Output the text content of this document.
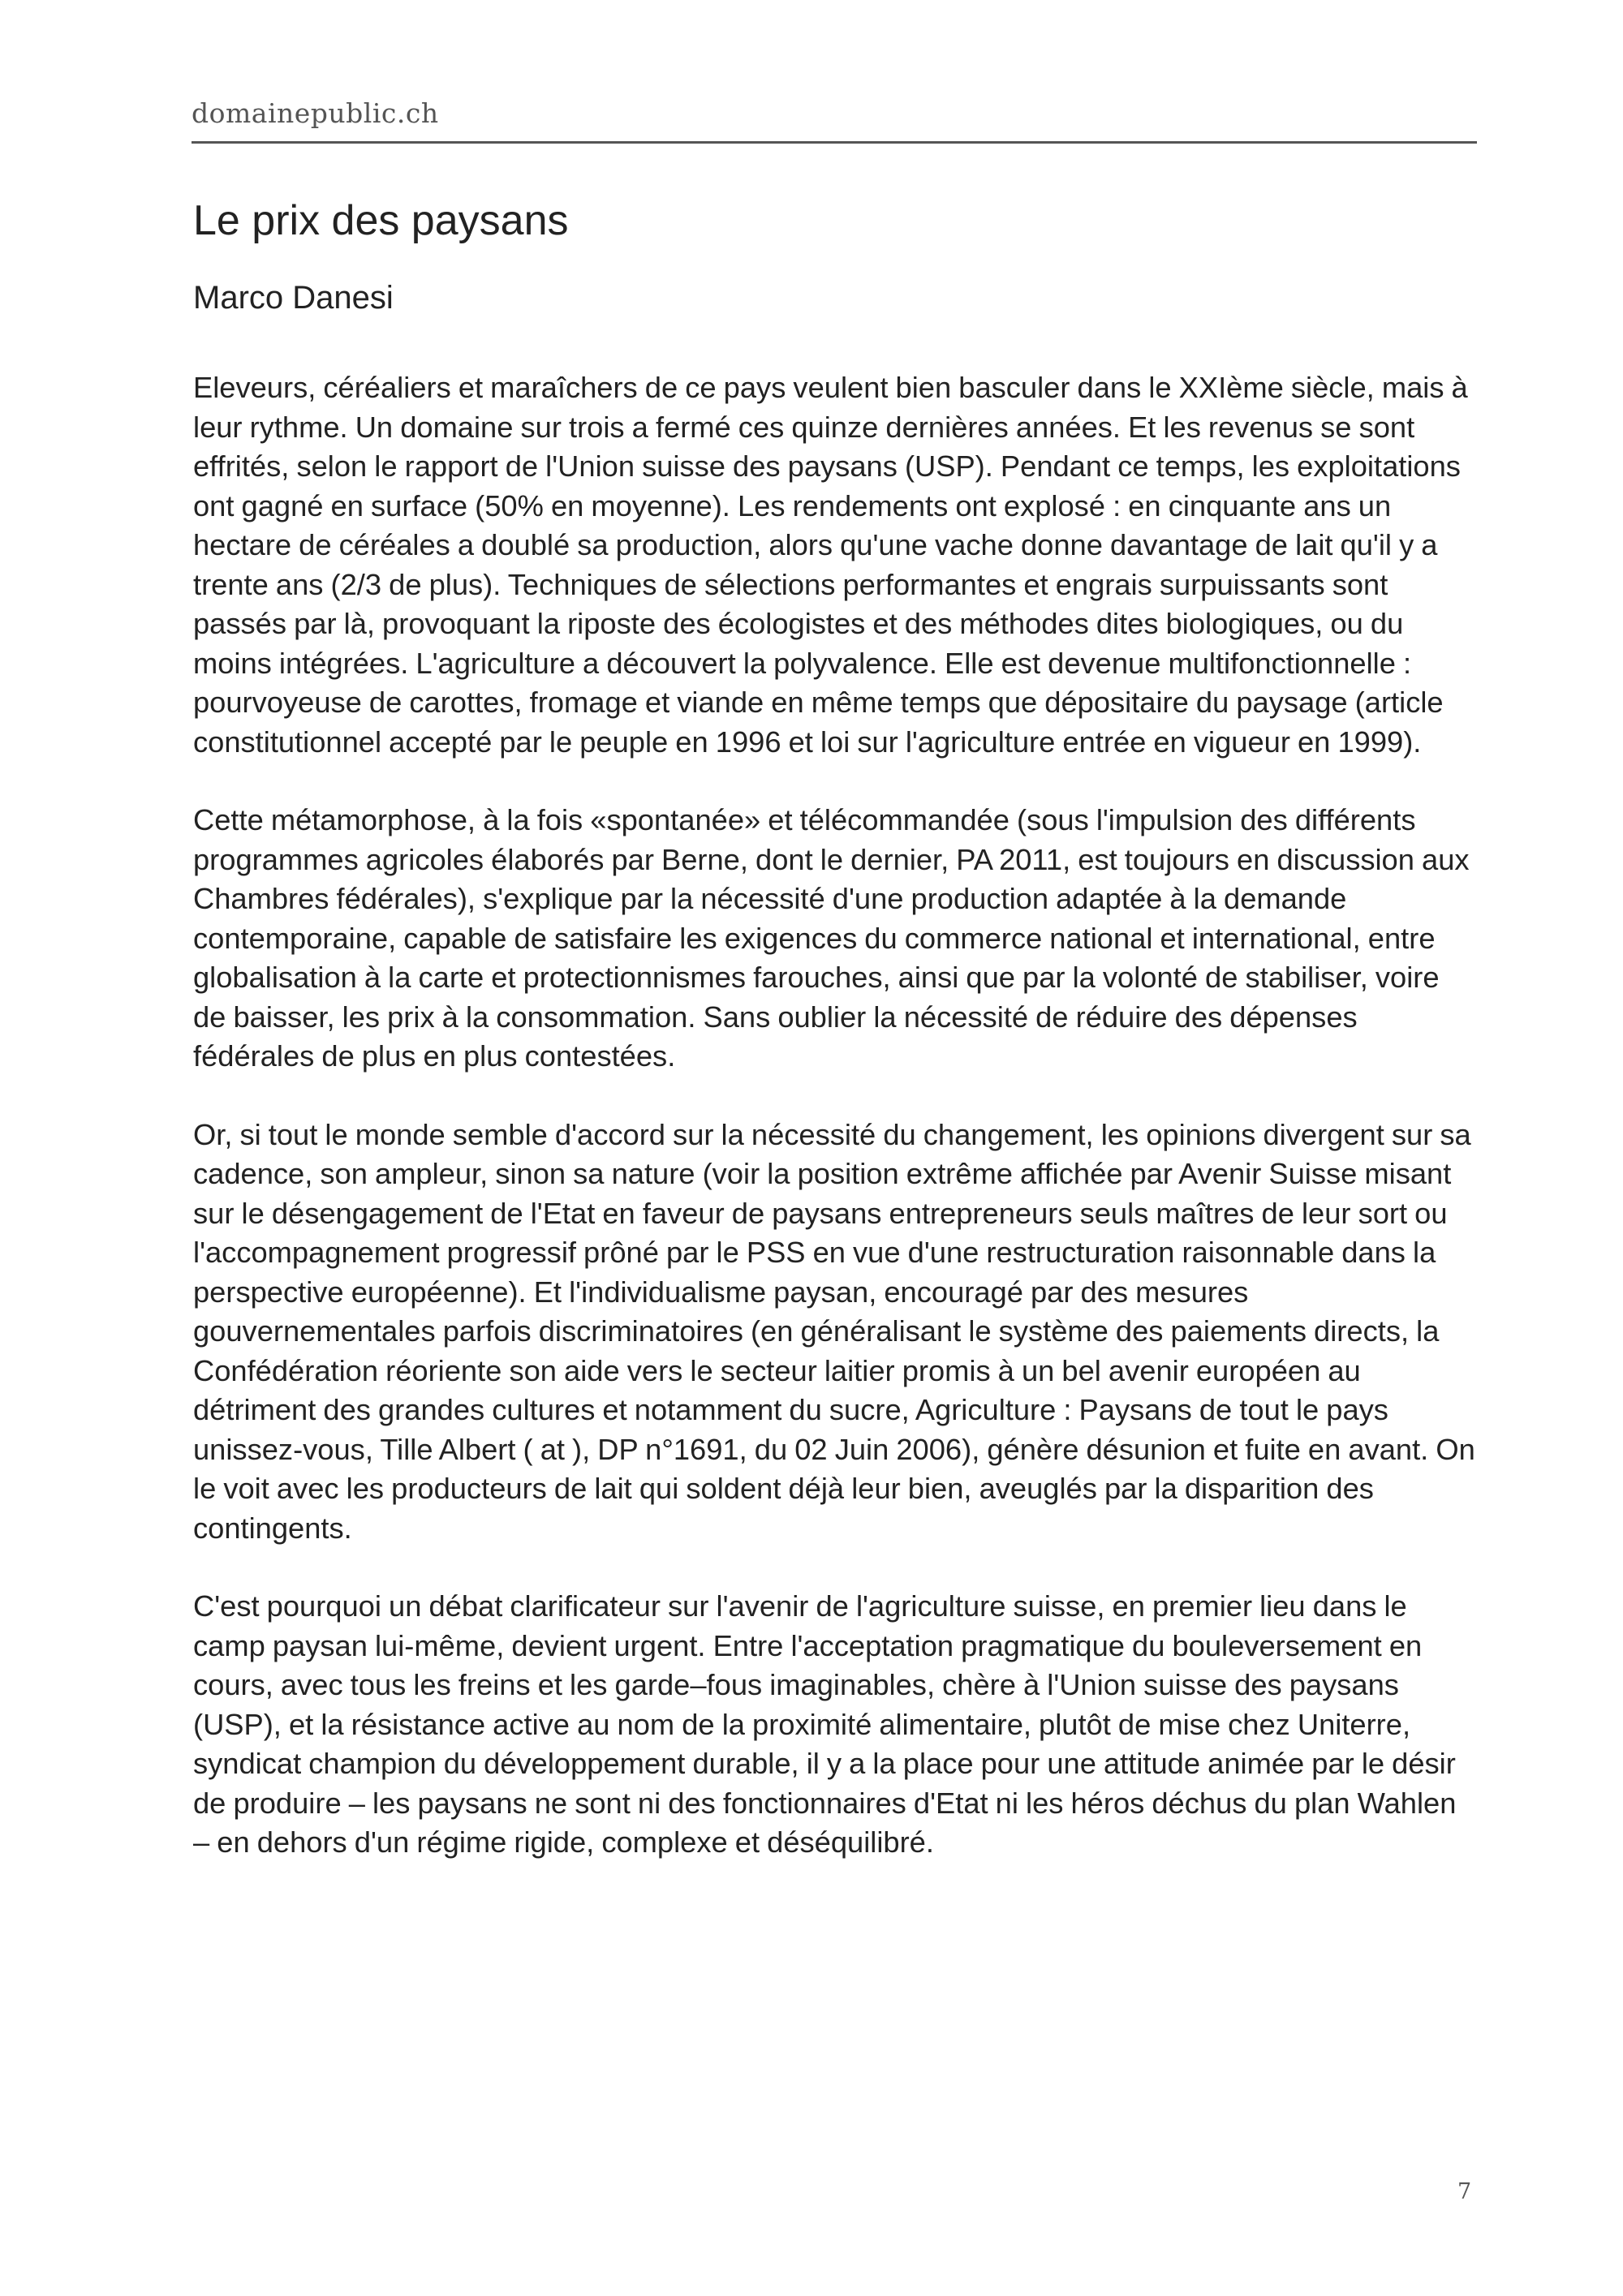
domainepublic.ch
Le prix des paysans
Marco Danesi

Eleveurs, céréaliers et maraîchers de ce pays veulent bien basculer dans le XXIème siècle, mais à leur rythme. Un domaine sur trois a fermé ces quinze dernières années. Et les revenus se sont effrités, selon le rapport de l'Union suisse des paysans (USP). Pendant ce temps, les exploitations ont gagné en surface (50% en moyenne). Les rendements ont explosé : en cinquante ans un hectare de céréales a doublé sa production, alors qu'une vache donne davantage de lait qu'il y a trente ans (2/3 de plus). Techniques de sélections performantes et engrais surpuissants sont passés par là, provoquant la riposte des écologistes et des méthodes dites biologiques, ou du moins intégrées. L'agriculture a découvert la polyvalence. Elle est devenue multifonctionnelle : pourvoyeuse de carottes, fromage et viande en même temps que dépositaire du paysage (article constitutionnel accepté par le peuple en 1996 et loi sur l'agriculture entrée en vigueur en 1999).

Cette métamorphose, à la fois «spontanée» et télécommandée (sous l'impulsion des différents programmes agricoles élaborés par Berne, dont le dernier, PA 2011, est toujours en discussion aux Chambres fédérales), s'explique par la nécessité d'une production adaptée à la demande contemporaine, capable de satisfaire les exigences du commerce national et international, entre globalisation à la carte et protectionnismes farouches, ainsi que par la volonté de stabiliser, voire de baisser, les prix à la consommation. Sans oublier la nécessité de réduire des dépenses fédérales de plus en plus contestées.

Or, si tout le monde semble d'accord sur la nécessité du changement, les opinions divergent sur sa cadence, son ampleur, sinon sa nature (voir la position extrême affichée par Avenir Suisse misant sur le désengagement de l'Etat en faveur de paysans entrepreneurs seuls maîtres de leur sort ou l'accompagnement progressif prôné par le PSS en vue d'une restructuration raisonnable dans la perspective européenne). Et l'individualisme paysan, encouragé par des mesures gouvernementales parfois discriminatoires (en généralisant le système des paiements directs, la Confédération réoriente son aide vers le secteur laitier promis à un bel avenir européen au détriment des grandes cultures et notamment du sucre, Agriculture : Paysans de tout le pays unissez-vous, Tille Albert ( at ), DP n°1691, du 02 Juin 2006), génère désunion et fuite en avant. On le voit avec les producteurs de lait qui soldent déjà leur bien, aveuglés par la disparition des contingents.

C'est pourquoi un débat clarificateur sur l'avenir de l'agriculture suisse, en premier lieu dans le camp paysan lui-même, devient urgent. Entre l'acceptation pragmatique du bouleversement en cours, avec tous les freins et les garde–fous imaginables, chère à l'Union suisse des paysans (USP), et la résistance active au nom de la proximité alimentaire, plutôt de mise chez Uniterre, syndicat champion du développement durable, il y a la place pour une attitude animée par le désir de produire – les paysans ne sont ni des fonctionnaires d'Etat ni les héros déchus du plan Wahlen – en dehors d'un régime rigide, complexe et déséquilibré.

7
